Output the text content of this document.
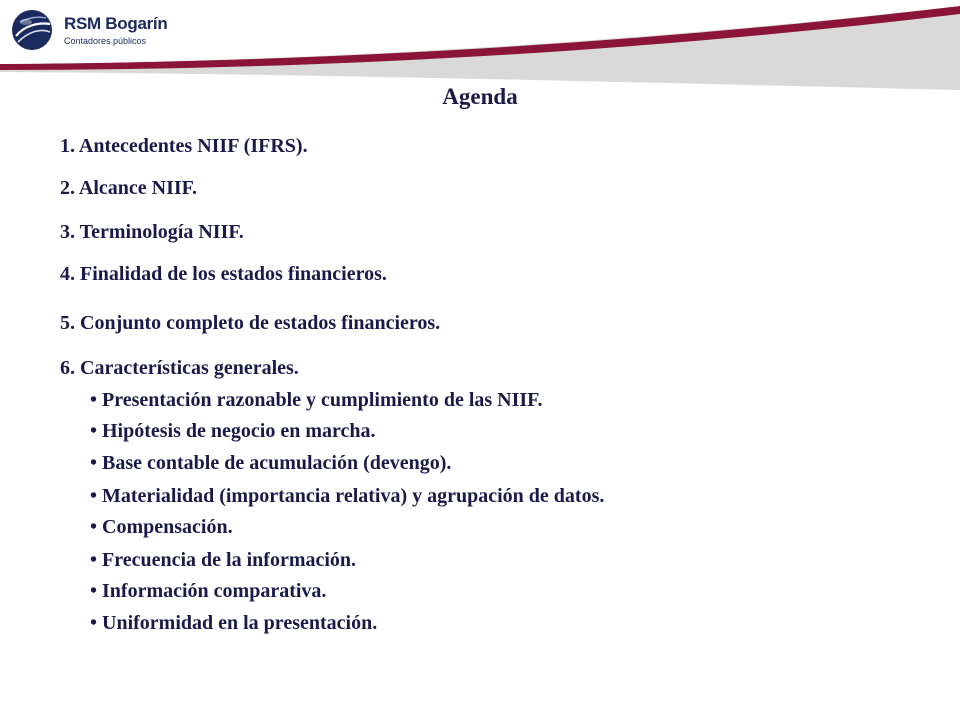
RSM Bogarín
Contadores públicos
Agenda
1. Antecedentes NIIF (IFRS).
2. Alcance NIIF.
3. Terminología NIIF.
4. Finalidad de los estados financieros.
5. Conjunto completo de estados financieros.
6. Características generales.
• Presentación razonable y cumplimiento de las NIIF.
• Hipótesis de negocio en marcha.
• Base contable de acumulación (devengo).
• Materialidad (importancia relativa) y agrupación de datos.
• Compensación.
• Frecuencia de la información.
• Información comparativa.
• Uniformidad en la presentación.
